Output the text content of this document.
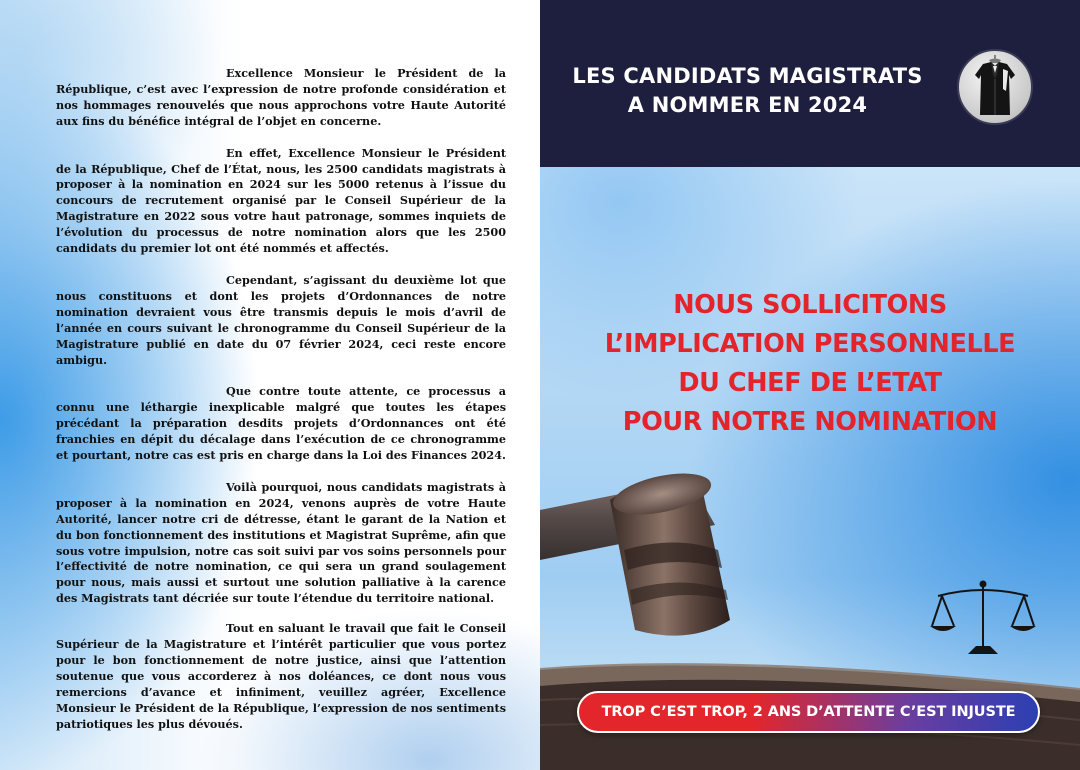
Excellence Monsieur le Président de la République, c’est avec l’expression de notre profonde considération et nos hommages renouvelés que nous approchons votre Haute Autorité aux fins du bénéfice intégral de l’objet en concerne.

En effet, Excellence Monsieur le Président de la République, Chef de l’État, nous, les 2500 candidats magistrats à proposer à la nomination en 2024 sur les 5000 retenus à l’issue du concours de recrutement organisé par le Conseil Supérieur de la Magistrature en 2022 sous votre haut patronage, sommes inquiets de l’évolution du processus de notre nomination alors que les 2500 candidats du premier lot ont été nommés et affectés.

Cependant, s’agissant du deuxième lot que nous constituons et dont les projets d’Ordonnances de notre nomination devraient vous être transmis depuis le mois d’avril de l’année en cours suivant le chronogramme du Conseil Supérieur de la Magistrature publié en date du 07 février 2024, ceci reste encore ambigu.

Que contre toute attente, ce processus a connu une léthargie inexplicable malgré que toutes les étapes précédant la préparation desdits projets d’Ordonnances ont été franchies en dépit du décalage dans l’exécution de ce chronogramme et pourtant, notre cas est pris en charge dans la Loi des Finances 2024.

Voilà pourquoi, nous candidats magistrats à proposer à la nomination en 2024, venons auprès de votre Haute Autorité, lancer notre cri de détresse, étant le garant de la Nation et du bon fonctionnement des institutions et Magistrat Suprême, afin que sous votre impulsion, notre cas soit suivi par vos soins personnels pour l’effectivité de notre nomination, ce qui sera un grand soulagement pour nous, mais aussi et surtout une solution palliative à la carence des Magistrats tant décriée sur toute l’étendue du territoire national.

Tout en saluant le travail que fait le Conseil Supérieur de la Magistrature et l’intérêt particulier que vous portez pour le bon fonctionnement de notre justice, ainsi que l’attention soutenue que vous accorderez à nos doléances, ce dont nous vous remercions d’avance et infiniment, veuillez agréer, Excellence Monsieur le Président de la République, l’expression de nos sentiments patriotiques les plus dévoués.

LES CANDIDATS MAGISTRATS
A NOMMER EN 2024
NOUS SOLLICITONS
L’IMPLICATION PERSONNELLE
DU CHEF DE L’ETAT
POUR NOTRE NOMINATION
TROP C’EST TROP, 2 ANS D’ATTENTE C’EST INJUSTE
